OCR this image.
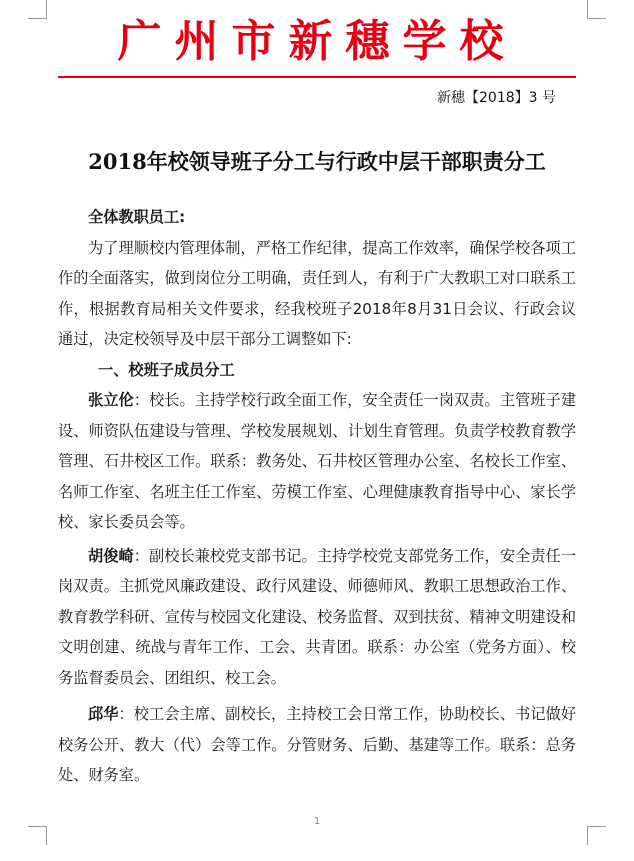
广州市新穗学校
新穗【2018】3 号
2018年校领导班子分工与行政中层干部职责分工

全体教职员工:

为了理顺校内管理体制，严格工作纪律，提高工作效率，确保学校各项工作的全面落实，做到岗位分工明确，责任到人，有利于广大教职工对口联系工作，根据教育局相关文件要求，经我校班子2018年8月31日会议、行政会议通过，决定校领导及中层干部分工调整如下:

一、校班子成员分工

张立伦：校长。主持学校行政全面工作，安全责任一岗双责。主管班子建设、师资队伍建设与管理、学校发展规划、计划生育管理。负责学校教育教学管理、石井校区工作。联系：教务处、石井校区管理办公室、名校长工作室、名师工作室、名班主任工作室、劳模工作室、心理健康教育指导中心、家长学校、家长委员会等。

胡俊崎：副校长兼校党支部书记。主持学校党支部党务工作，安全责任一岗双责。主抓党风廉政建设、政行风建设、师德师风、教职工思想政治工作、教育教学科研、宣传与校园文化建设、校务监督、双到扶贫、精神文明建设和文明创建、统战与青年工作、工会、共青团。联系：办公室（党务方面）、校务监督委员会、团组织、校工会。

邱华：校工会主席、副校长，主持校工会日常工作，协助校长、书记做好校务公开、教大（代）会等工作。分管财务、后勤、基建等工作。联系：总务处、财务室。

1
